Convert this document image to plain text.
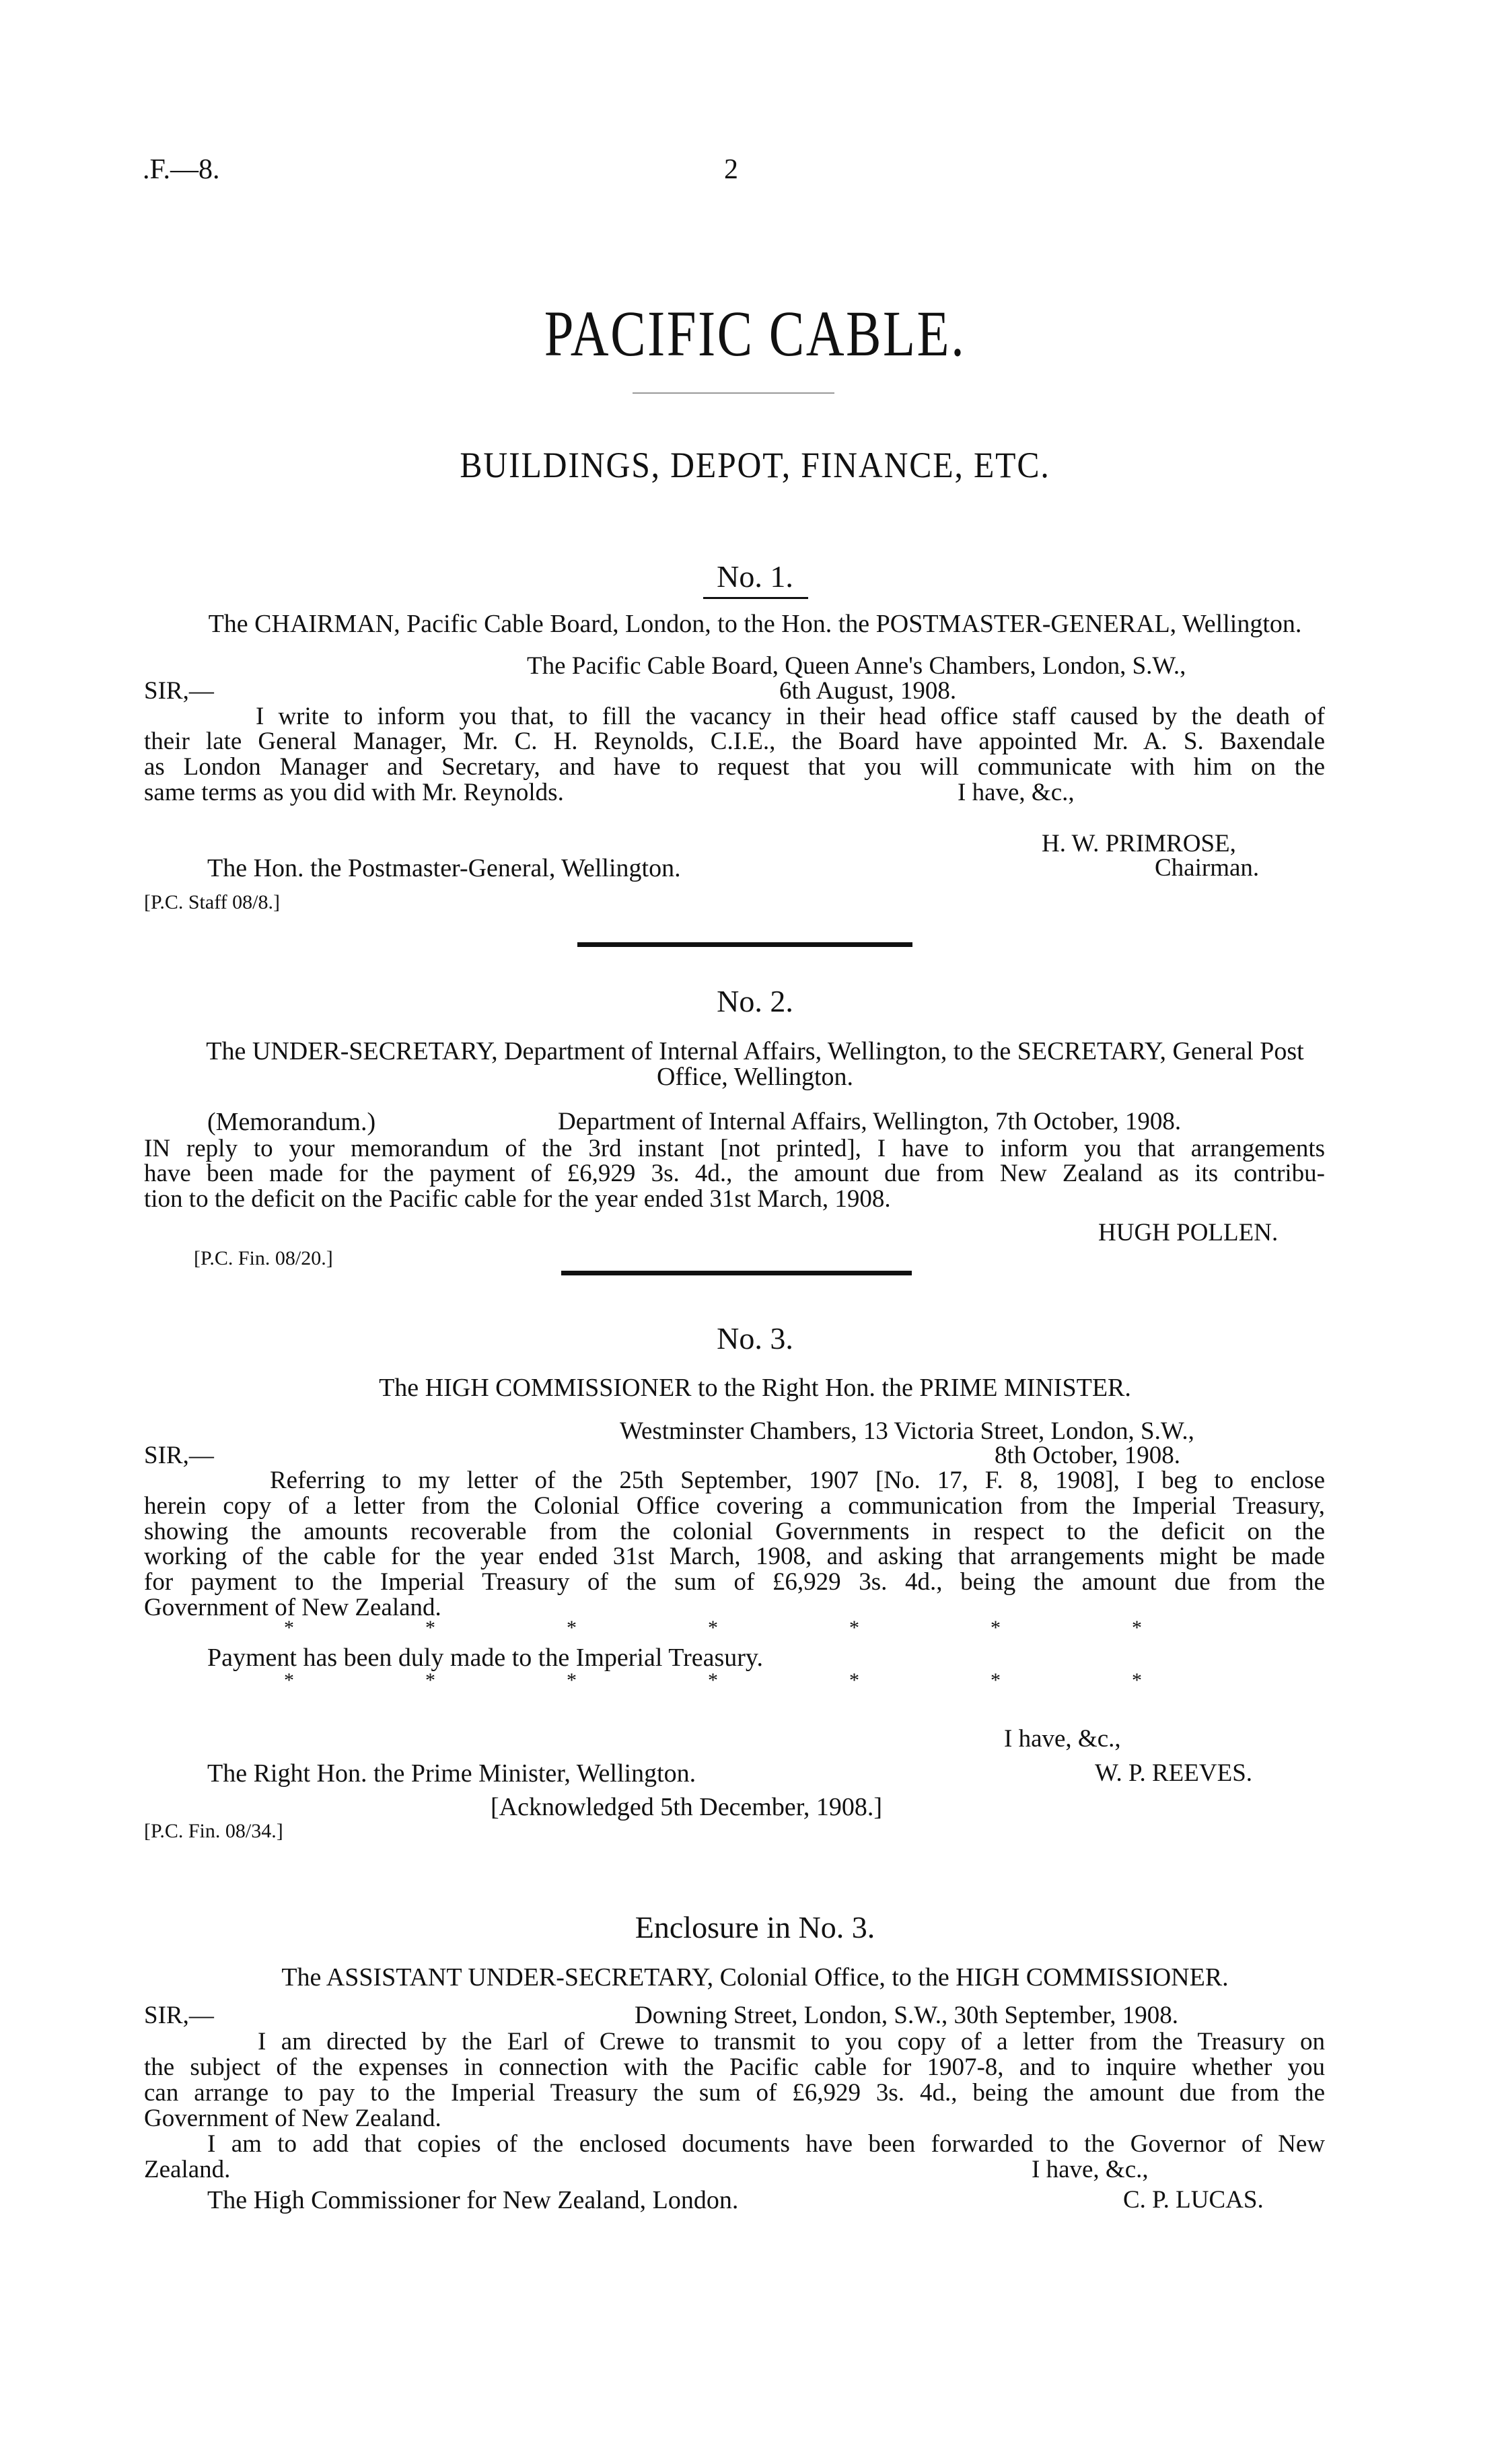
.F.—8.	2
PACIFIC CABLE.
BUILDINGS, DEPOT, FINANCE, ETC.
No. 1.
The CHAIRMAN, Pacific Cable Board, London, to the Hon. the POSTMASTER-GENERAL, Wellington.
The Pacific Cable Board, Queen Anne's Chambers, London, S.W.,
SIR,—	6th August, 1908.
I write to inform you that, to fill the vacancy in their head office staff caused by the death of
their late General Manager, Mr. C. H. Reynolds, C.I.E., the Board have appointed Mr. A. S. Baxendale
as London Manager and Secretary, and have to request that you will communicate with him on the
same terms as you did with Mr. Reynolds.	I have, &c.,
H. W. PRIMROSE,
The Hon. the Postmaster-General, Wellington.	Chairman.
[P.C. Staff 08/8.]
No. 2.
The UNDER-SECRETARY, Department of Internal Affairs, Wellington, to the SECRETARY, General Post
Office, Wellington.
(Memorandum.)	Department of Internal Affairs, Wellington, 7th October, 1908.
IN reply to your memorandum of the 3rd instant [not printed], I have to inform you that arrangements
have been made for the payment of £6,929 3s. 4d., the amount due from New Zealand as its contribu-
tion to the deficit on the Pacific cable for the year ended 31st March, 1908.
HUGH POLLEN.
[P.C. Fin. 08/20.]
No. 3.
The HIGH COMMISSIONER to the Right Hon. the PRIME MINISTER.
Westminster Chambers, 13 Victoria Street, London, S.W.,
SIR,—	8th October, 1908.
Referring to my letter of the 25th September, 1907 [No. 17, F. 8, 1908], I beg to enclose
herein copy of a letter from the Colonial Office covering a communication from the Imperial Treasury,
showing the amounts recoverable from the colonial Governments in respect to the deficit on the
working of the cable for the year ended 31st March, 1908, and asking that arrangements might be made
for payment to the Imperial Treasury of the sum of £6,929 3s. 4d., being the amount due from the
Government of New Zealand.
*	*	*	*	*	*	*
Payment has been duly made to the Imperial Treasury.
*	*	*	*	*	*	*
I have, &c.,
The Right Hon. the Prime Minister, Wellington.	W. P. REEVES.
[Acknowledged 5th December, 1908.]
[P.C. Fin. 08/34.]
Enclosure in No. 3.
The ASSISTANT UNDER-SECRETARY, Colonial Office, to the HIGH COMMISSIONER.
SIR,—	Downing Street, London, S.W., 30th September, 1908.
I am directed by the Earl of Crewe to transmit to you copy of a letter from the Treasury on
the subject of the expenses in connection with the Pacific cable for 1907-8, and to inquire whether you
can arrange to pay to the Imperial Treasury the sum of £6,929 3s. 4d., being the amount due from the
Government of New Zealand.
I am to add that copies of the enclosed documents have been forwarded to the Governor of New
Zealand.	I have, &c.,
The High Commissioner for New Zealand, London.	C. P. LUCAS.
